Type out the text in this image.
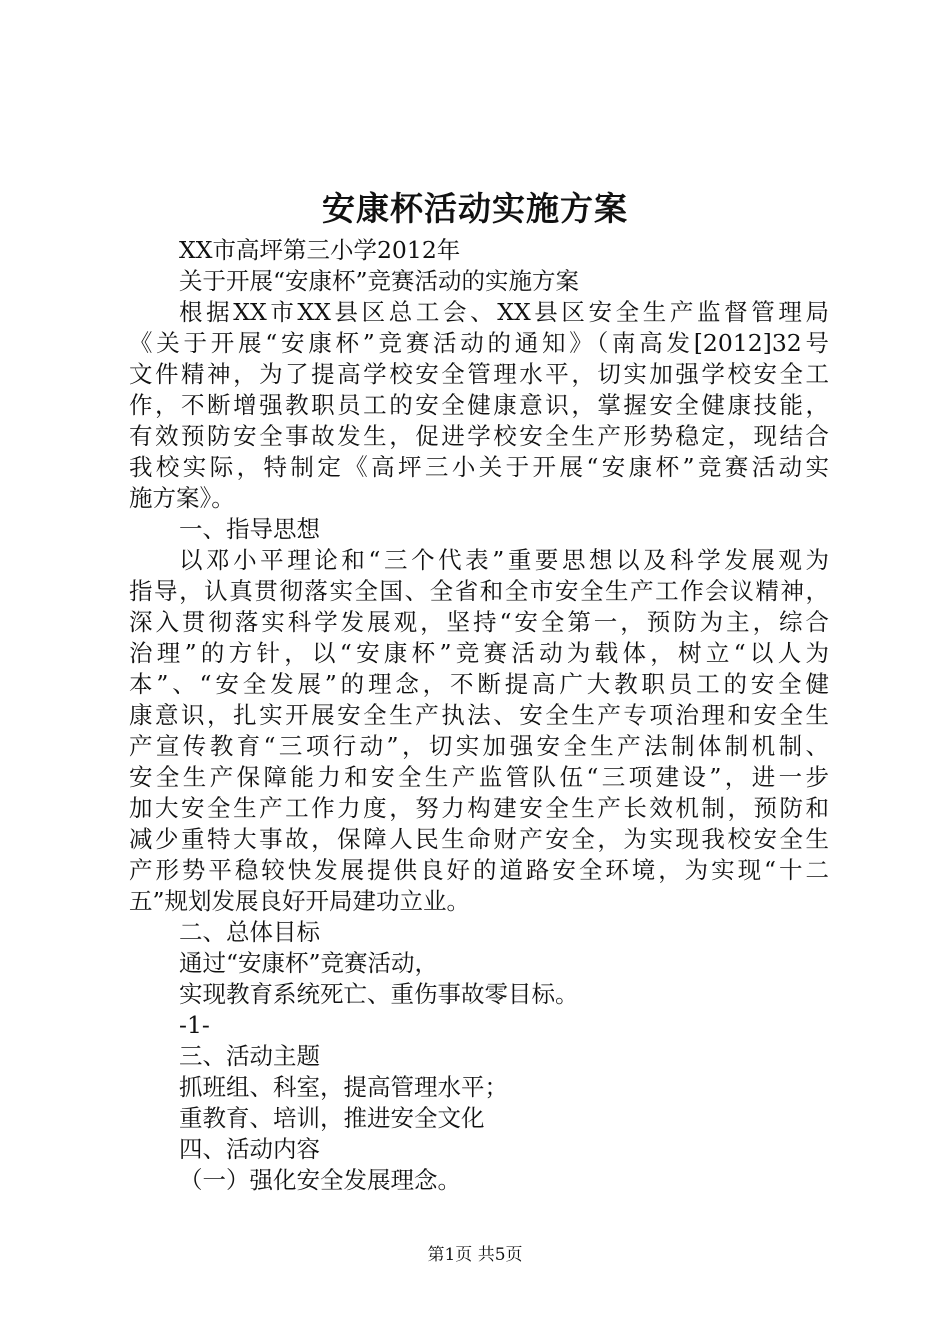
安康杯活动实施方案
XX市高坪第三小学2012年
关于开展“安康杯”竞赛活动的实施方案
根据XX市XX县区总工会、XX县区安全生产监督管理局
《关于开展“安康杯”竞赛活动的通知》（南高发[2012]32号
文件精神，为了提高学校安全管理水平，切实加强学校安全工
作，不断增强教职员工的安全健康意识，掌握安全健康技能，
有效预防安全事故发生，促进学校安全生产形势稳定，现结合
我校实际，特制定《高坪三小关于开展“安康杯”竞赛活动实
施方案》。
一、指导思想
以邓小平理论和“三个代表”重要思想以及科学发展观为
指导，认真贯彻落实全国、全省和全市安全生产工作会议精神，
深入贯彻落实科学发展观，坚持“安全第一，预防为主，综合
治理”的方针，以“安康杯”竞赛活动为载体，树立“以人为
本”、“安全发展”的理念，不断提高广大教职员工的安全健
康意识，扎实开展安全生产执法、安全生产专项治理和安全生
产宣传教育“三项行动”，切实加强安全生产法制体制机制、
安全生产保障能力和安全生产监管队伍“三项建设”，进一步
加大安全生产工作力度，努力构建安全生产长效机制，预防和
减少重特大事故，保障人民生命财产安全，为实现我校安全生
产形势平稳较快发展提供良好的道路安全环境，为实现“十二
五”规划发展良好开局建功立业。
二、总体目标
通过“安康杯”竞赛活动，
实现教育系统死亡、重伤事故零目标。
-1-
三、活动主题
抓班组、科室，提高管理水平；
重教育、培训，推进安全文化
四、活动内容
（一）强化安全发展理念。
第1页 共5页
